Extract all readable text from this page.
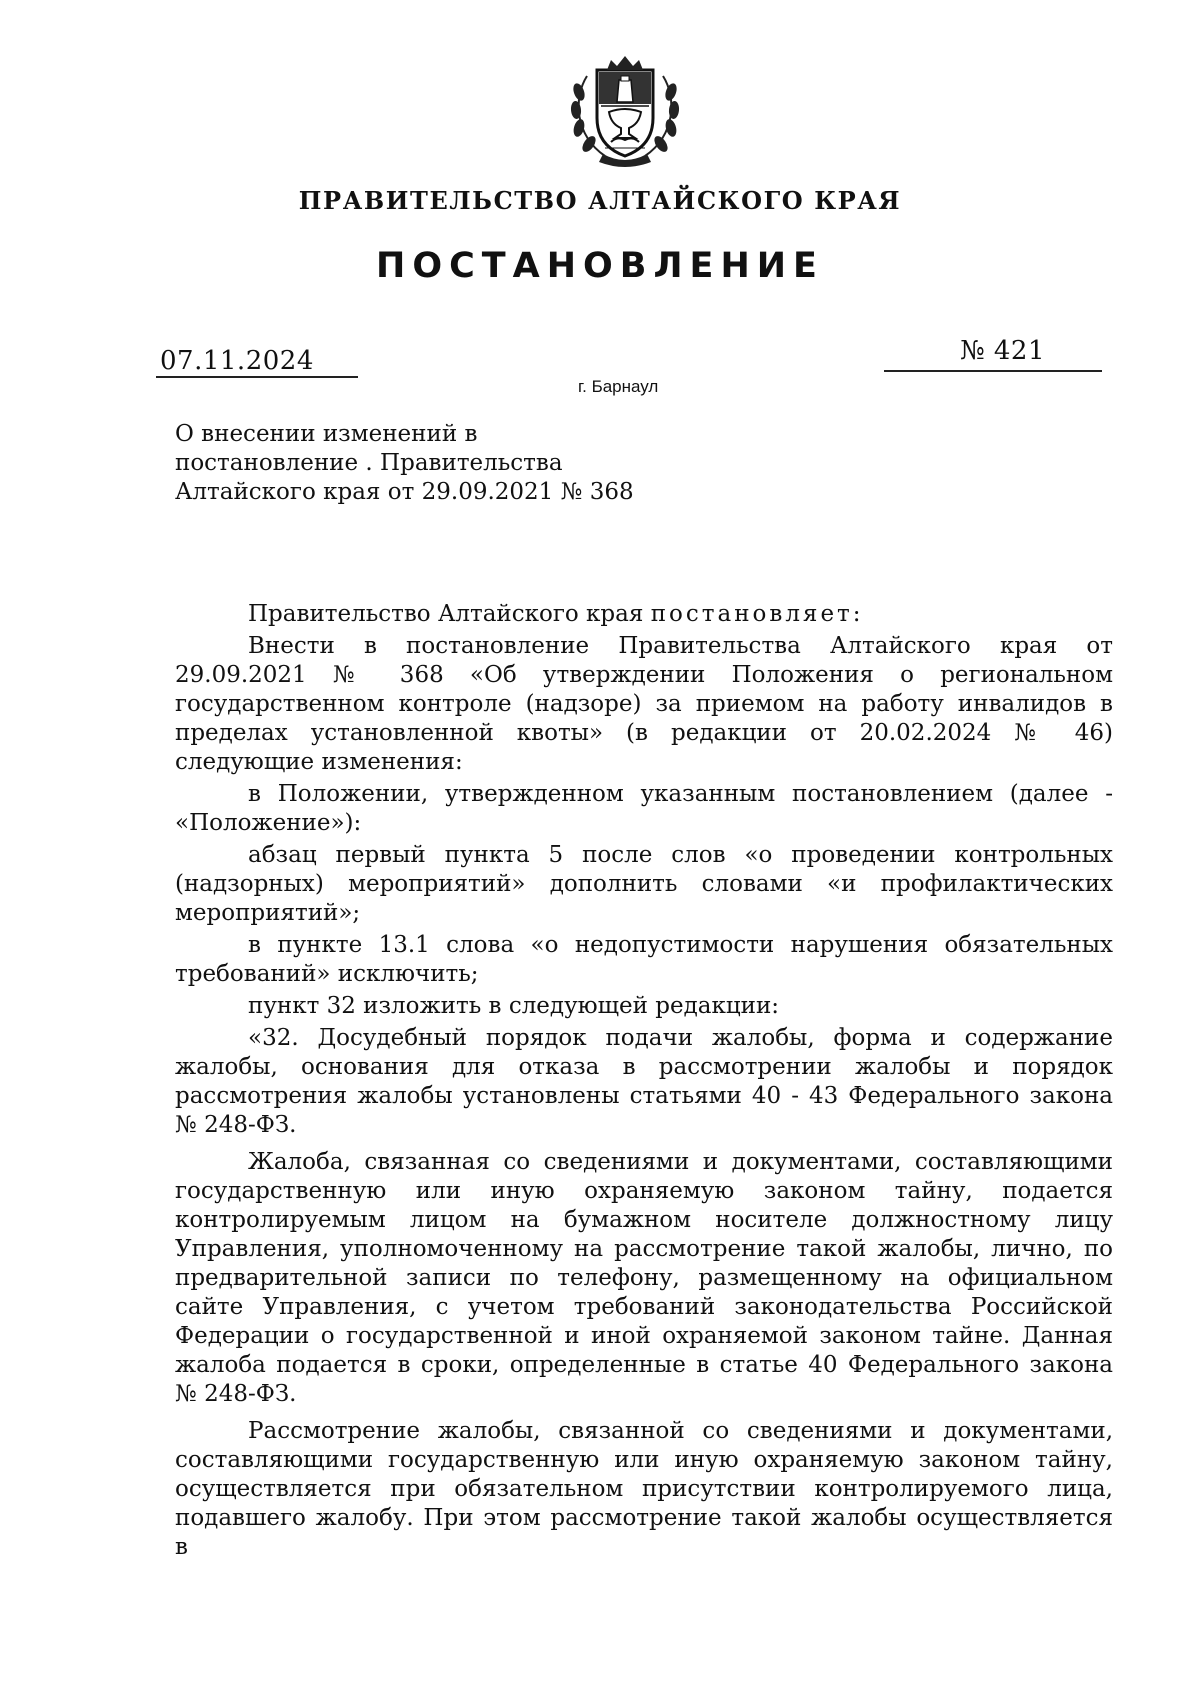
ПРАВИТЕЛЬСТВО АЛТАЙСКОГО КРАЯ
ПОСТАНОВЛЕНИЕ
07.11.2024	№ 421
г. Барнаул
О внесении изменений в
постановление . Правительства
Алтайского края от 29.09.2021 № 368

Правительство Алтайского края постановляет:

Внести в постановление Правительства Алтайского края от 29.09.2021 № 368 «Об утверждении Положения о региональном государственном контроле (надзоре) за приемом на работу инвалидов в пределах установленной квоты» (в редакции от 20.02.2024 № 46) следующие изменения:

в Положении, утвержденном указанным постановлением (далее - «Положение»):

абзац первый пункта 5 после слов «о проведении контрольных (надзорных) мероприятий» дополнить словами «и профилактических мероприятий»;

в пункте 13.1 слова «о недопустимости нарушения обязательных требований» исключить;

пункт 32 изложить в следующей редакции:

«32. Досудебный порядок подачи жалобы, форма и содержание жалобы, основания для отказа в рассмотрении жалобы и порядок рассмотрения жалобы установлены статьями 40 - 43 Федерального закона № 248-ФЗ.

Жалоба, связанная со сведениями и документами, составляющими государственную или иную охраняемую законом тайну, подается контролируемым лицом на бумажном носителе должностному лицу Управления, уполномоченному на рассмотрение такой жалобы, лично, по предварительной записи по телефону, размещенному на официальном сайте Управления, с учетом требований законодательства Российской Федерации о государственной и иной охраняемой законом тайне. Данная жалоба подается в сроки, определенные в статье 40 Федерального закона № 248-ФЗ.

Рассмотрение жалобы, связанной со сведениями и документами, составляющими государственную или иную охраняемую законом тайну, осуществляется при обязательном присутствии контролируемого лица, подавшего жалобу. При этом рассмотрение такой жалобы осуществляется в
